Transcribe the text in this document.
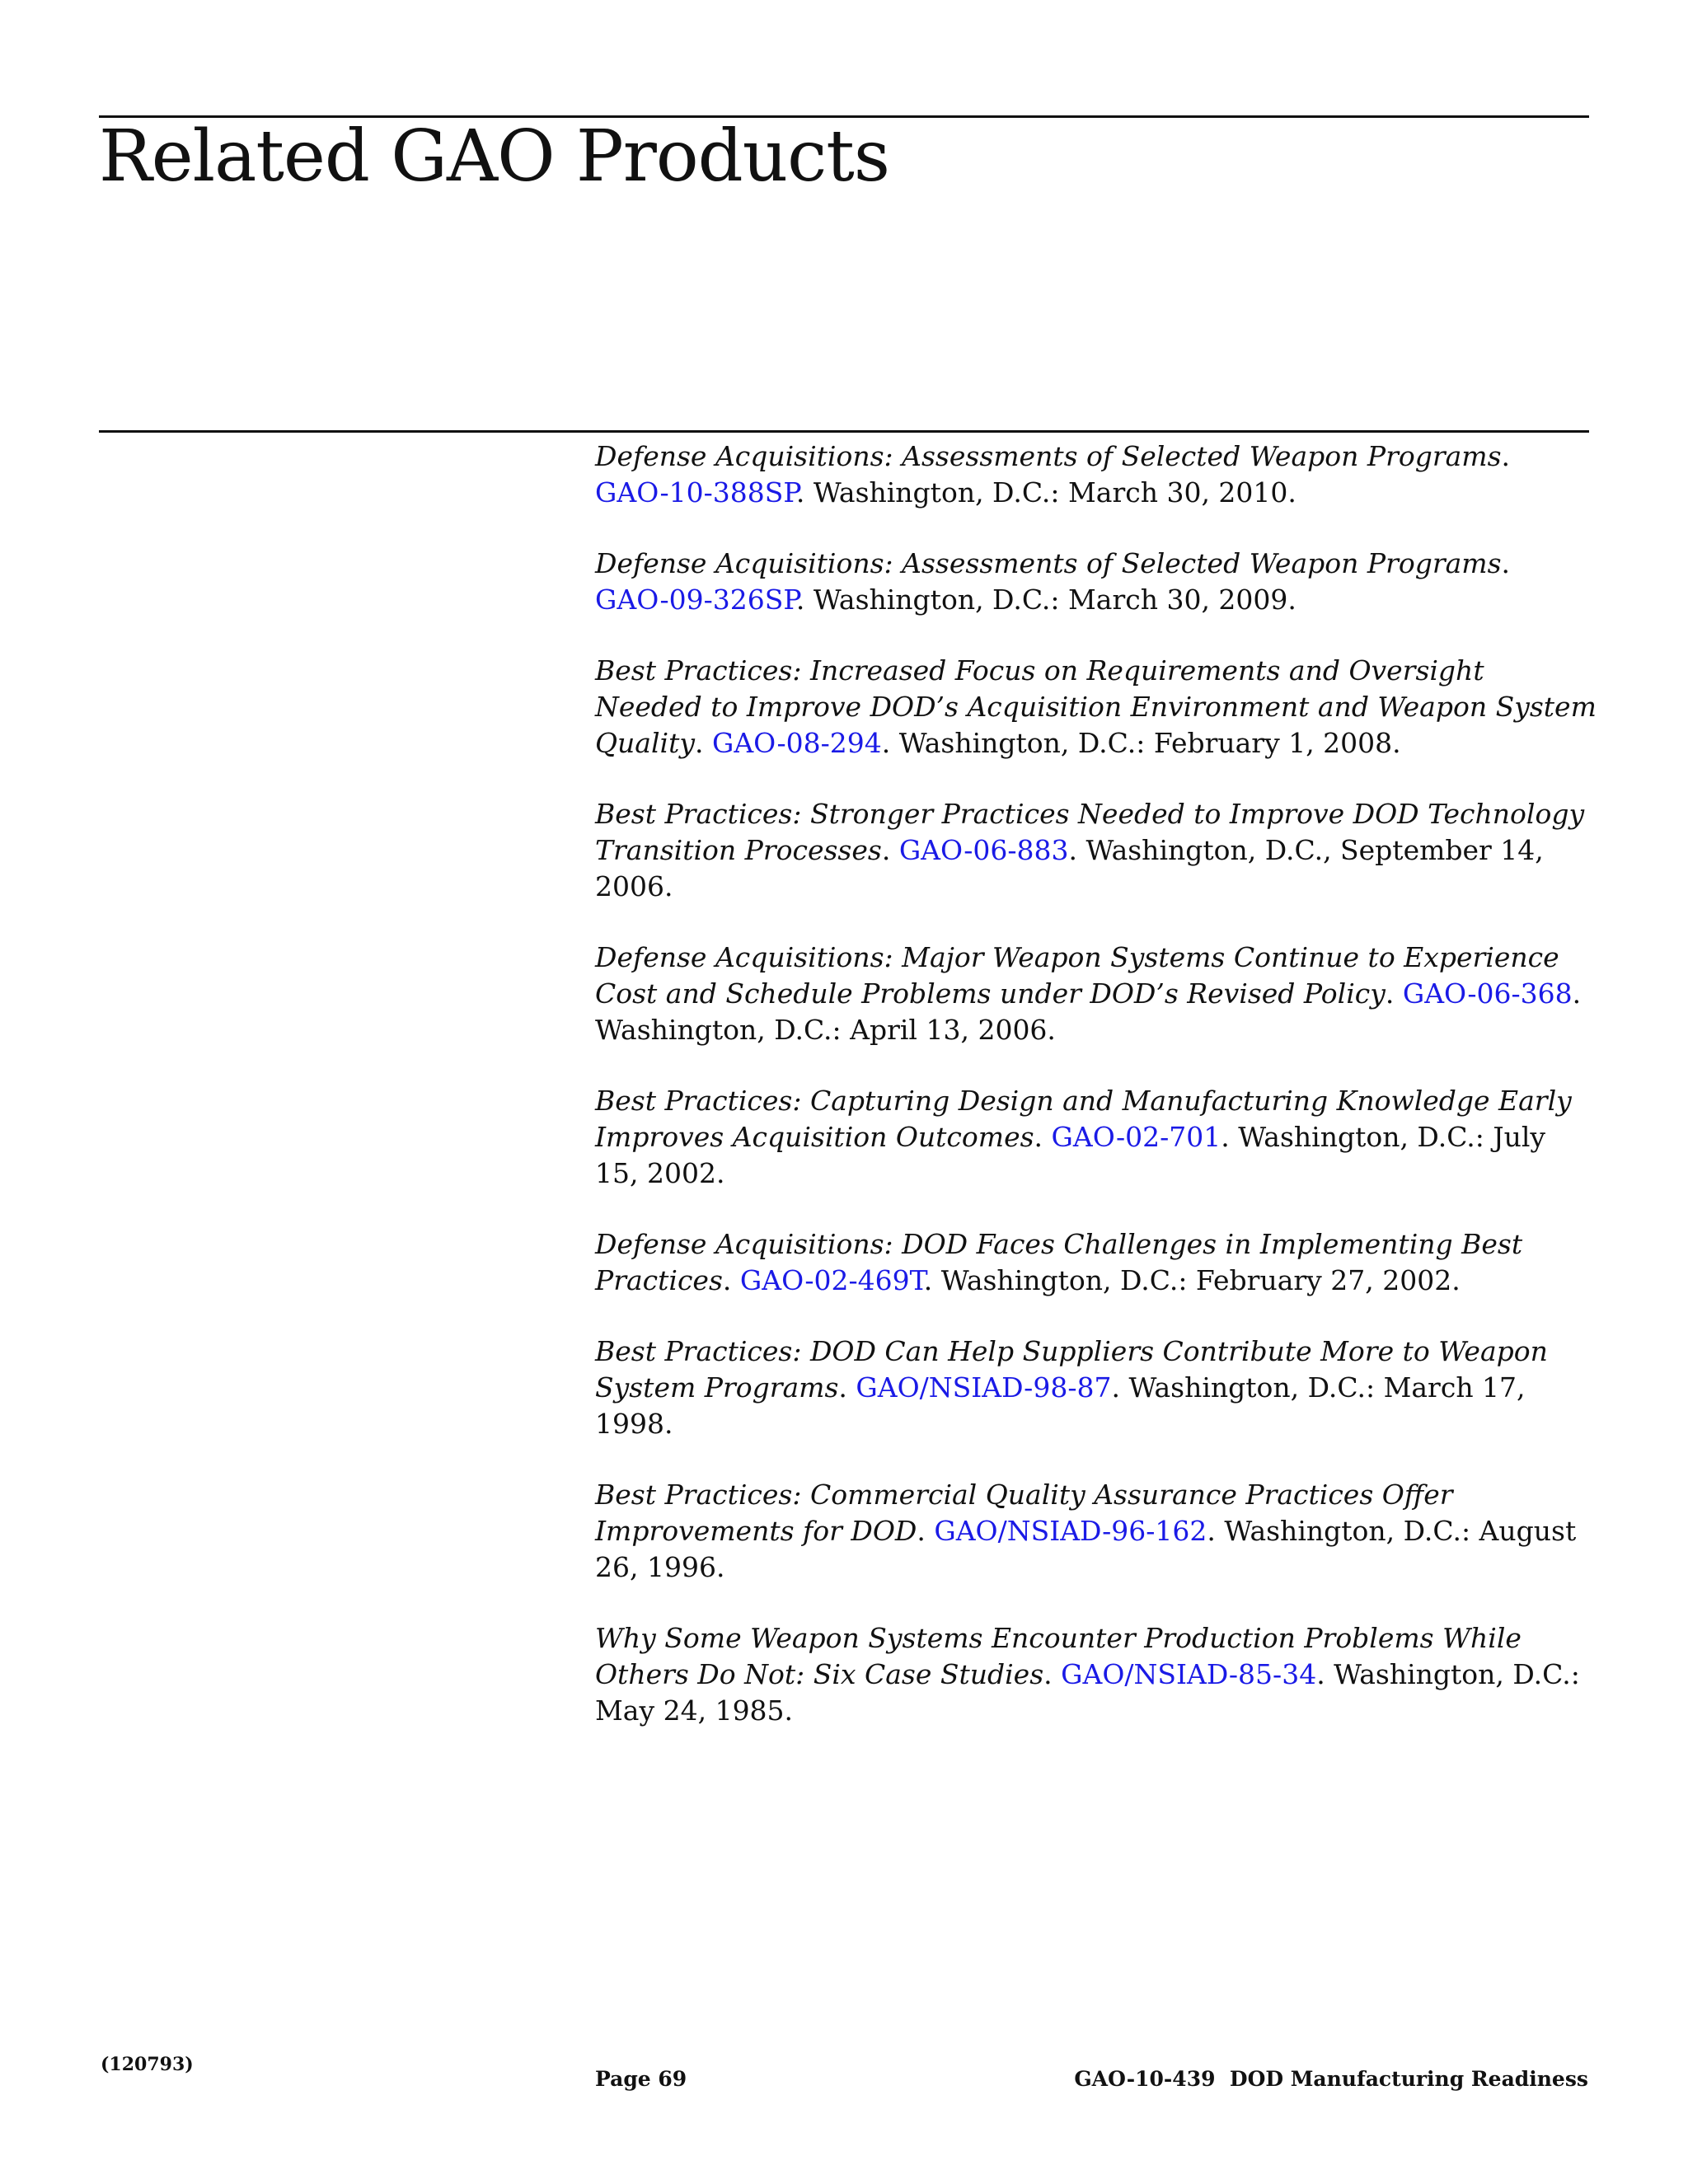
Related GAO Products
Defense Acquisitions: Assessments of Selected Weapon Programs.
GAO-10-388SP. Washington, D.C.: March 30, 2010.
Defense Acquisitions: Assessments of Selected Weapon Programs.
GAO-09-326SP. Washington, D.C.: March 30, 2009.
Best Practices: Increased Focus on Requirements and Oversight Needed to Improve DOD’s Acquisition Environment and Weapon System Quality. GAO-08-294. Washington, D.C.: February 1, 2008.
Best Practices: Stronger Practices Needed to Improve DOD Technology Transition Processes. GAO-06-883. Washington, D.C., September 14, 2006.
Defense Acquisitions: Major Weapon Systems Continue to Experience Cost and Schedule Problems under DOD’s Revised Policy. GAO-06-368. Washington, D.C.: April 13, 2006.
Best Practices: Capturing Design and Manufacturing Knowledge Early Improves Acquisition Outcomes. GAO-02-701. Washington, D.C.: July 15, 2002.
Defense Acquisitions: DOD Faces Challenges in Implementing Best Practices. GAO-02-469T. Washington, D.C.: February 27, 2002.
Best Practices: DOD Can Help Suppliers Contribute More to Weapon System Programs. GAO/NSIAD-98-87. Washington, D.C.: March 17, 1998.
Best Practices: Commercial Quality Assurance Practices Offer Improvements for DOD. GAO/NSIAD-96-162. Washington, D.C.: August 26, 1996.
Why Some Weapon Systems Encounter Production Problems While Others Do Not: Six Case Studies. GAO/NSIAD-85-34. Washington, D.C.: May 24, 1985.
(120793)
Page 69	GAO-10-439  DOD Manufacturing Readiness
